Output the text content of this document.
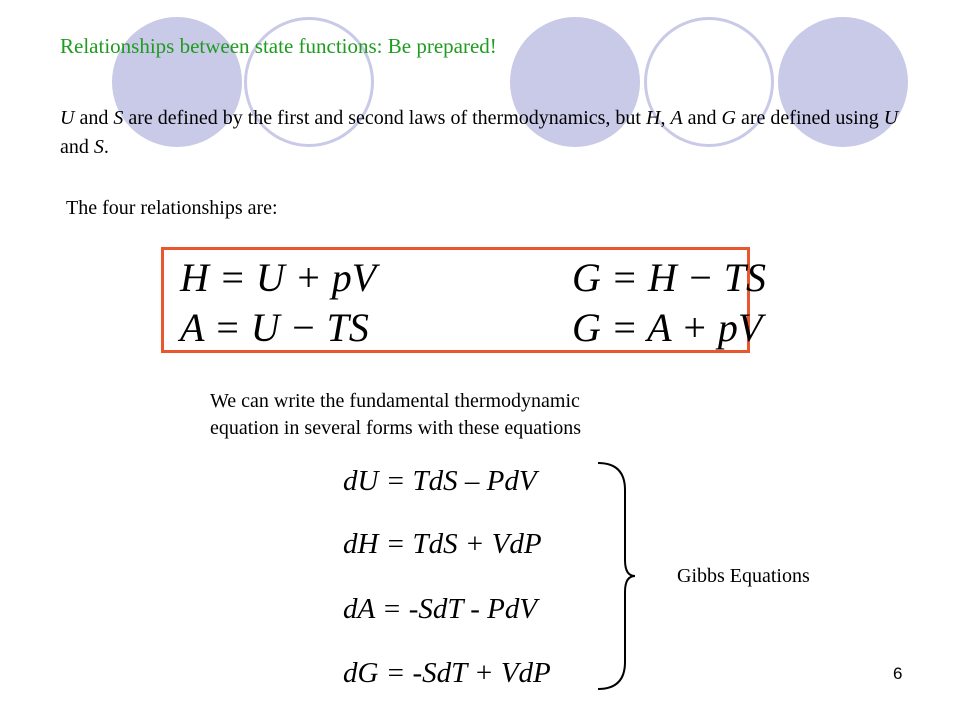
Relationships between state functions: Be prepared!

U and S are defined by the first and second laws of thermodynamics, but H, A and G are defined using U and S.

The four relationships are:

H = U + pV	G = H − TS
A = U − TS	G = A + pV

We can write the fundamental thermodynamic
equation in several forms with these equations

dU = TdS – PdV
dH = TdS + VdP
dA = -SdT - PdV
dG = -SdT + VdP

Gibbs Equations

6
